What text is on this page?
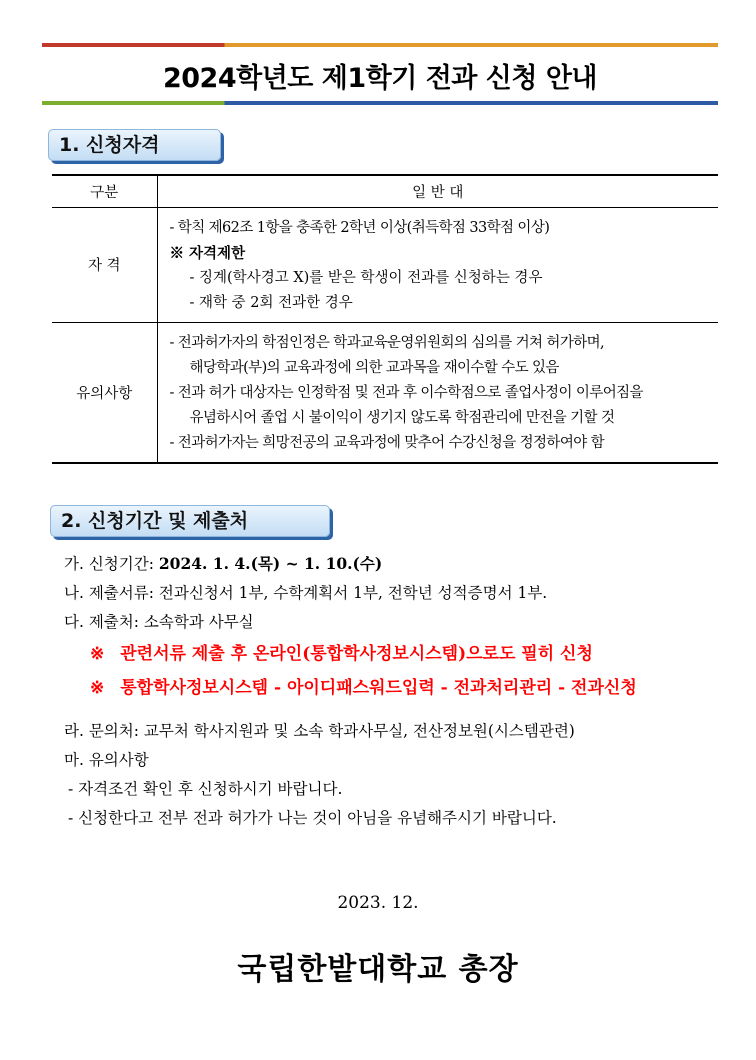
2024학년도 제1학기 전과 신청 안내
1. 신청자격
구분	일 반 대
자 격	- 학칙 제62조 1항을 충족한 2학년 이상(취득학점 33학점 이상)

※ 자격제한

- 징계(학사경고 X)를 받은 학생이 전과를 신청하는 경우

- 재학 중 2회 전과한 경우

유의사항	- 전과허가자의 학점인정은 학과교육운영위원회의 심의를 거쳐 허가하며,

해당학과(부)의 교육과정에 의한 교과목을 재이수할 수도 있음

- 전과 허가 대상자는 인정학점 및 전과 후 이수학점으로 졸업사정이 이루어짐을

유념하시어 졸업 시 불이익이 생기지 않도록 학점관리에 만전을 기할 것

- 전과허가자는 희망전공의 교육과정에 맞추어 수강신청을 정정하여야 함

2. 신청기간 및 제출처

가. 신청기간: 2024. 1. 4.(목) ~ 1. 10.(수)

나. 제출서류: 전과신청서 1부, 수학계획서 1부, 전학년 성적증명서 1부.

다. 제출처: 소속학과 사무실

※ 관련서류 제출 후 온라인(통합학사정보시스템)으로도 필히 신청

※ 통합학사정보시스템 - 아이디패스워드입력 - 전과처리관리 - 전과신청

라. 문의처: 교무처 학사지원과 및 소속 학과사무실, 전산정보원(시스템관련)

마. 유의사항

- 자격조건 확인 후 신청하시기 바랍니다.

- 신청한다고 전부 전과 허가가 나는 것이 아님을 유념해주시기 바랍니다.

2023. 12.
국립한밭대학교 총장
